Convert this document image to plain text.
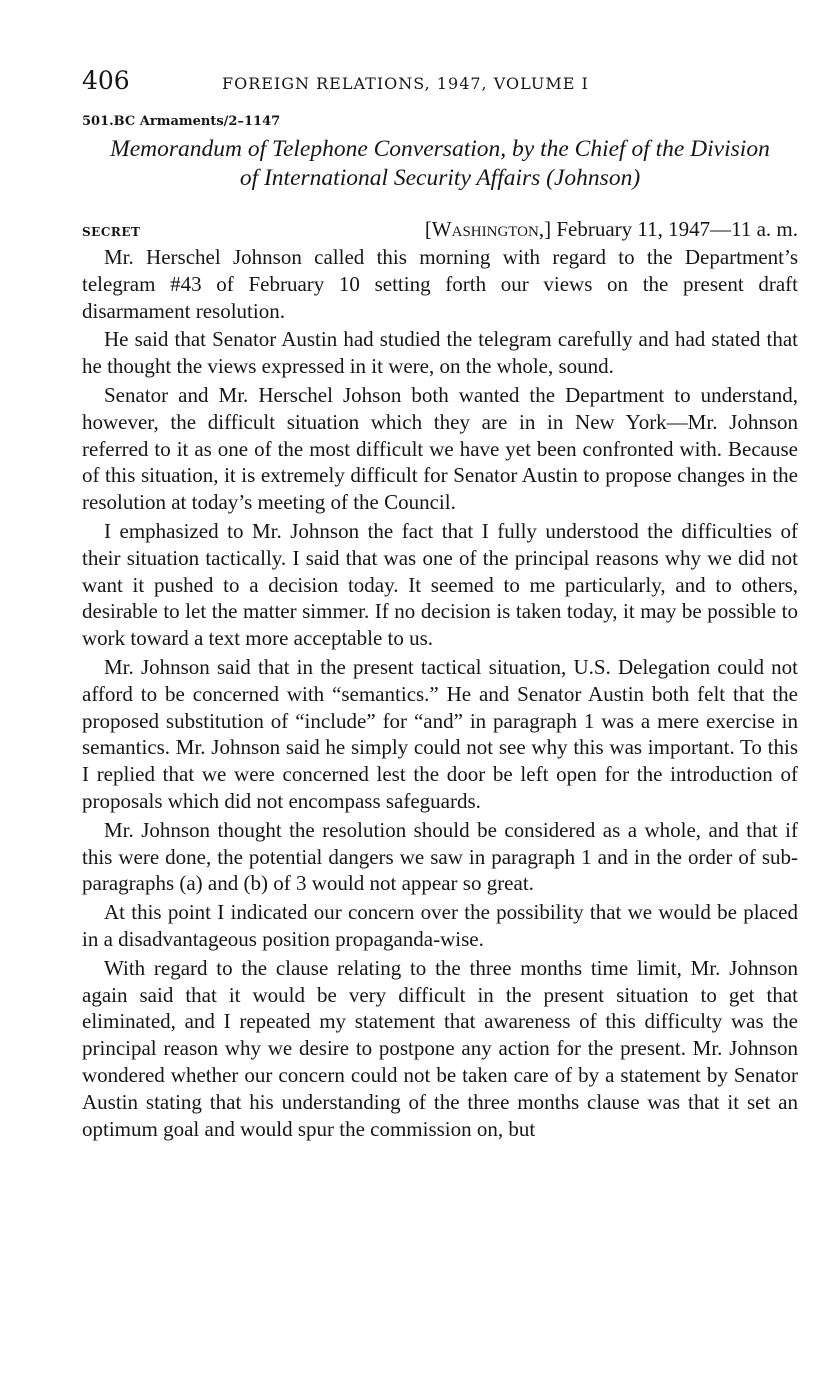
406	FOREIGN RELATIONS, 1947, VOLUME I
501.BC Armaments/2–1147
Memorandum of Telephone Conversation, by the Chief of the Division
of International Security Affairs (Johnson)
SECRET	[Washington,] February 11, 1947—11 a. m.

Mr. Herschel Johnson called this morning with regard to the Department’s telegram #43 of February 10 setting forth our views on the present draft disarmament resolution.

He said that Senator Austin had studied the telegram carefully and had stated that he thought the views expressed in it were, on the whole, sound.

Senator and Mr. Herschel Johson both wanted the Department to understand, however, the difficult situation which they are in in New York—Mr. Johnson referred to it as one of the most difficult we have yet been confronted with. Because of this situation, it is extremely difficult for Senator Austin to propose changes in the resolution at today’s meeting of the Council.

I emphasized to Mr. Johnson the fact that I fully understood the difficulties of their situation tactically. I said that was one of the principal reasons why we did not want it pushed to a decision today. It seemed to me particularly, and to others, desirable to let the matter simmer. If no decision is taken today, it may be possible to work toward a text more acceptable to us.

Mr. Johnson said that in the present tactical situation, U.S. Delegation could not afford to be concerned with “semantics.” He and Senator Austin both felt that the proposed substitution of “include” for “and” in paragraph 1 was a mere exercise in semantics. Mr. Johnson said he simply could not see why this was important. To this I replied that we were concerned lest the door be left open for the introduction of proposals which did not encompass safeguards.

Mr. Johnson thought the resolution should be considered as a whole, and that if this were done, the potential dangers we saw in paragraph 1 and in the order of sub-paragraphs (a) and (b) of 3 would not appear so great.

At this point I indicated our concern over the possibility that we would be placed in a disadvantageous position propaganda-wise.

With regard to the clause relating to the three months time limit, Mr. Johnson again said that it would be very difficult in the present situation to get that eliminated, and I repeated my statement that awareness of this difficulty was the principal reason why we desire to postpone any action for the present. Mr. Johnson wondered whether our concern could not be taken care of by a statement by Senator Austin stating that his understanding of the three months clause was that it set an optimum goal and would spur the commission on, but
